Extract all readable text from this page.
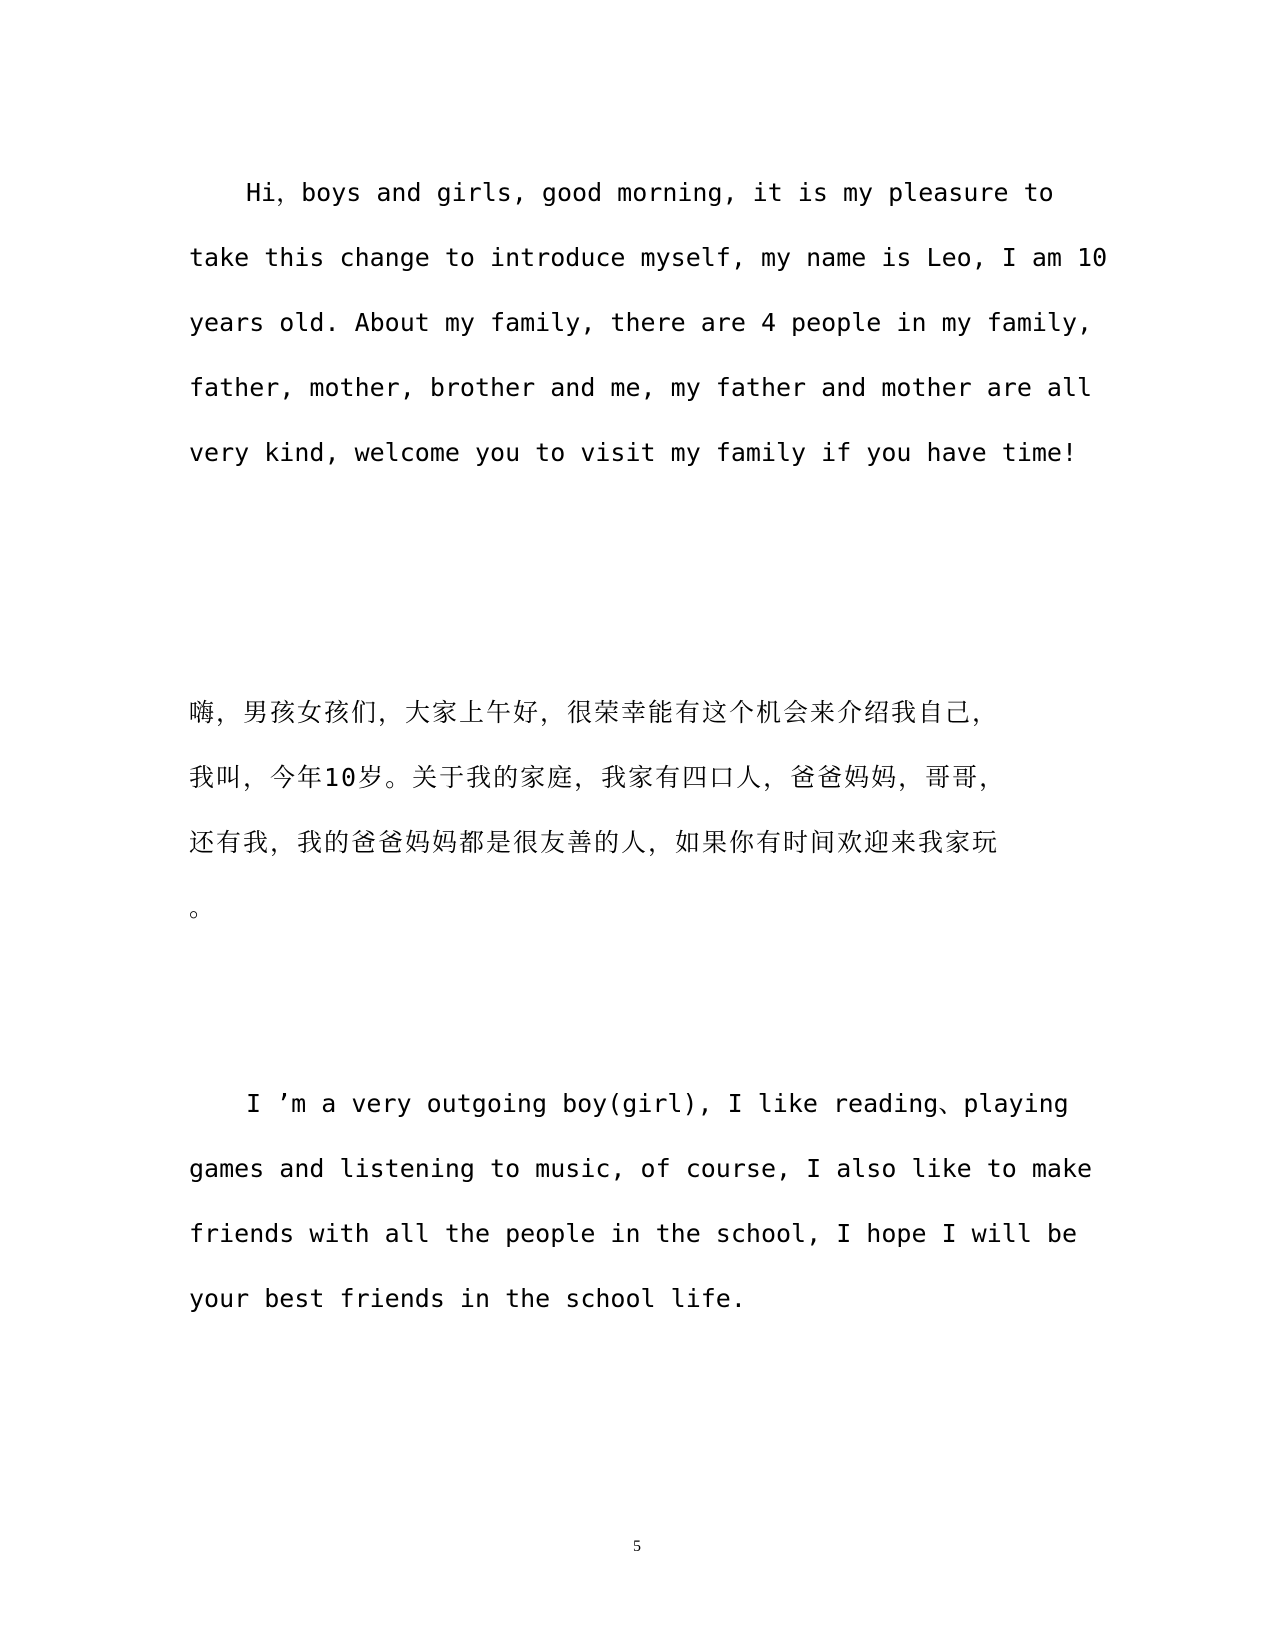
Hi，boys and girls, good morning, it is my pleasure to
take this change to introduce myself, my name is Leo, I am 10
years old. About my family, there are 4 people in my family,
father, mother, brother and me, my father and mother are all
very kind, welcome you to visit my family if you have time!
嗨，男孩女孩们，大家上午好，很荣幸能有这个机会来介绍我自己，
我叫，今年10岁。关于我的家庭，我家有四口人，爸爸妈妈，哥哥，
还有我，我的爸爸妈妈都是很友善的人，如果你有时间欢迎来我家玩
。
I ’m a very outgoing boy(girl), I like reading、playing
games and listening to music, of course, I also like to make
friends with all the people in the school, I hope I will be
your best friends in the school life.
5
